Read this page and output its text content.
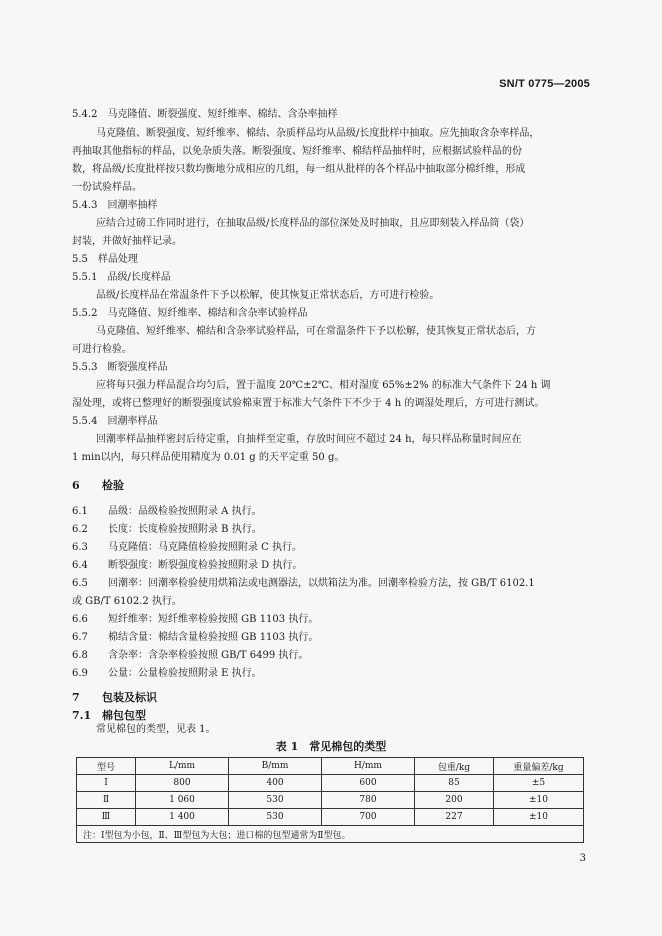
SN/T 0775—2005
5.4.2　马克隆值、断裂强度、短纤维率、棉结、含杂率抽样
马克隆值、断裂强度、短纤维率、棉结、杂质样品均从品级/长度批样中抽取。应先抽取含杂率样品，
再抽取其他指标的样品，以免杂质失落。断裂强度、短纤维率、棉结样品抽样时，应根据试验样品的份
数，将品级/长度批样按只数均衡地分成相应的几组，每一组从批样的各个样品中抽取部分棉纤维，形成
一份试验样品。
5.4.3　回潮率抽样
应结合过磅工作同时进行，在抽取品级/长度样品的部位深处及时抽取，且应即刻装入样品筒（袋）
封装，并做好抽样记录。
5.5　样品处理
5.5.1　品级/长度样品
品级/长度样品在常温条件下予以松解，使其恢复正常状态后，方可进行检验。
5.5.2　马克隆值、短纤维率、棉结和含杂率试验样品
马克隆值、短纤维率、棉结和含杂率试验样品，可在常温条件下予以松解，使其恢复正常状态后，方
可进行检验。
5.5.3　断裂强度样品
应将每只强力样品混合均匀后，置于温度 20℃±2℃、相对湿度 65%±2% 的标准大气条件下 24 h 调
湿处理，或将已整理好的断裂强度试验棉束置于标准大气条件下不少于 4 h 的调湿处理后，方可进行测试。
5.5.4　回潮率样品
回潮率样品抽样密封后待定重，自抽样至定重，存放时间应不超过 24 h，每只样品称量时间应在
1 min以内，每只样品使用精度为 0.01 g 的天平定重 50 g。
6 检验
6.1 品级：品级检验按照附录 A 执行。
6.2 长度：长度检验按照附录 B 执行。
6.3 马克隆值：马克隆值检验按照附录 C 执行。
6.4 断裂强度：断裂强度检验按照附录 D 执行。
6.5 回潮率：回潮率检验使用烘箱法或电测器法，以烘箱法为准。回潮率检验方法，按 GB/T 6102.1
或 GB/T 6102.2 执行。
6.6 短纤维率：短纤维率检验按照 GB 1103 执行。
6.7 棉结含量：棉结含量检验按照 GB 1103 执行。
6.8 含杂率：含杂率检验按照 GB/T 6499 执行。
6.9 公量：公量检验按照附录 E 执行。
7 包装及标识
7.1 棉包包型
常见棉包的类型，见表 1。
表 1　常见棉包的类型
型号	L/mm	B/mm	H/mm	包重/kg	重量偏差/kg
Ⅰ	800	400	600	85	±5
Ⅱ	1 060	530	780	200	±10
Ⅲ	1 400	530	700	227	±10
注：Ⅰ型包为小包，Ⅱ、Ⅲ型包为大包；进口棉的包型通常为Ⅱ型包。					
3
